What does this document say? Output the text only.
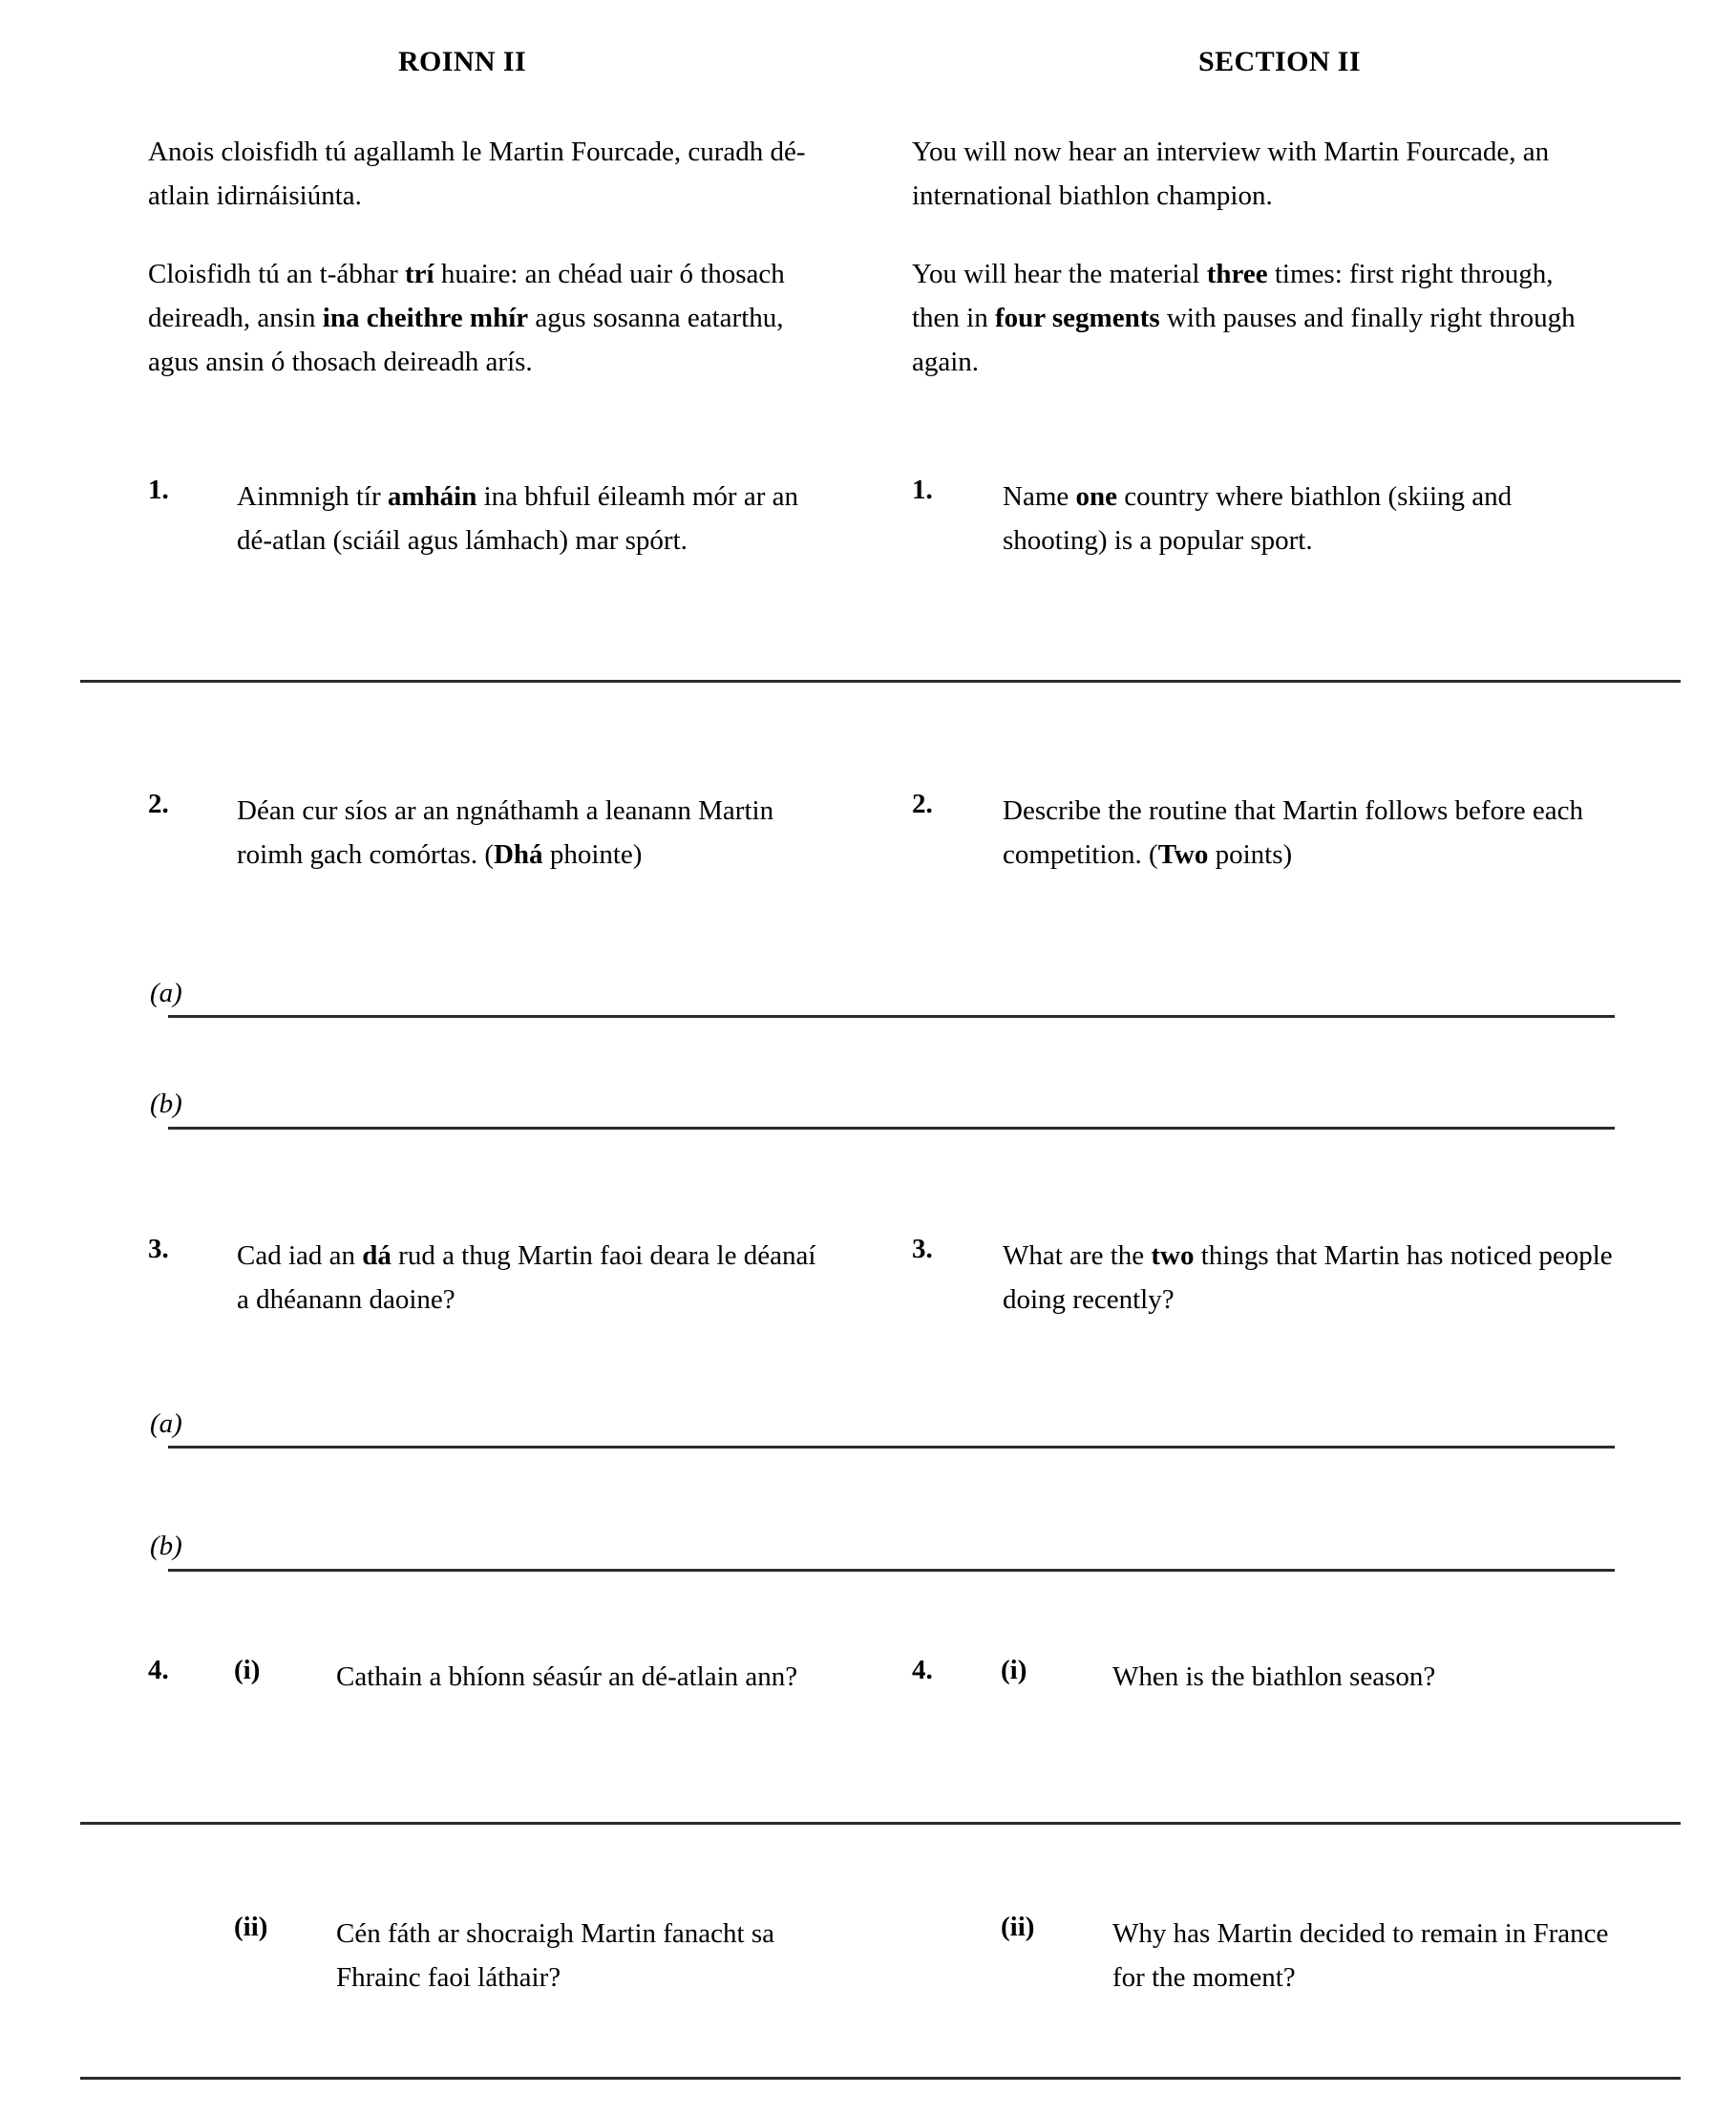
ROINN II	SECTION II
Anois cloisfidh tú agallamh le Martin Fourcade, curadh dé-atlain idirnáisiúnta.
You will now hear an interview with Martin Fourcade, an international biathlon champion.
Cloisfidh tú an t-ábhar trí huaire: an chéad uair ó thosach deireadh, ansin ina cheithre mhír agus sosanna eatarthu, agus ansin ó thosach deireadh arís.
You will hear the material three times: first right through, then in four segments with pauses and finally right through again.
1. Ainmnigh tír amháin ina bhfuil éileamh mór ar an dé-atlan (sciáil agus lámhach) mar spórt.
1.	Name one country where biathlon (skiing and shooting) is a popular sport.
2. Déan cur síos ar an ngnáthamh a leanann Martin roimh gach comórtas. (Dhá phointe)
2.	Describe the routine that Martin follows before each competition. (Two points)
(a)
(b)
3. Cad iad an dá rud a thug Martin faoi deara le déanaí a dhéanann daoine?
3.	What are the two things that Martin has noticed people doing recently?
(a)
(b)
4. (i)	Cathain a bhíonn séasúr an dé-atlain ann?	4. (i)	When is the biathlon season?
(ii) Cén fáth ar shocraigh Martin fanacht sa Fhrainc faoi láthair?
(ii)	Why has Martin decided to remain in France for the moment?
